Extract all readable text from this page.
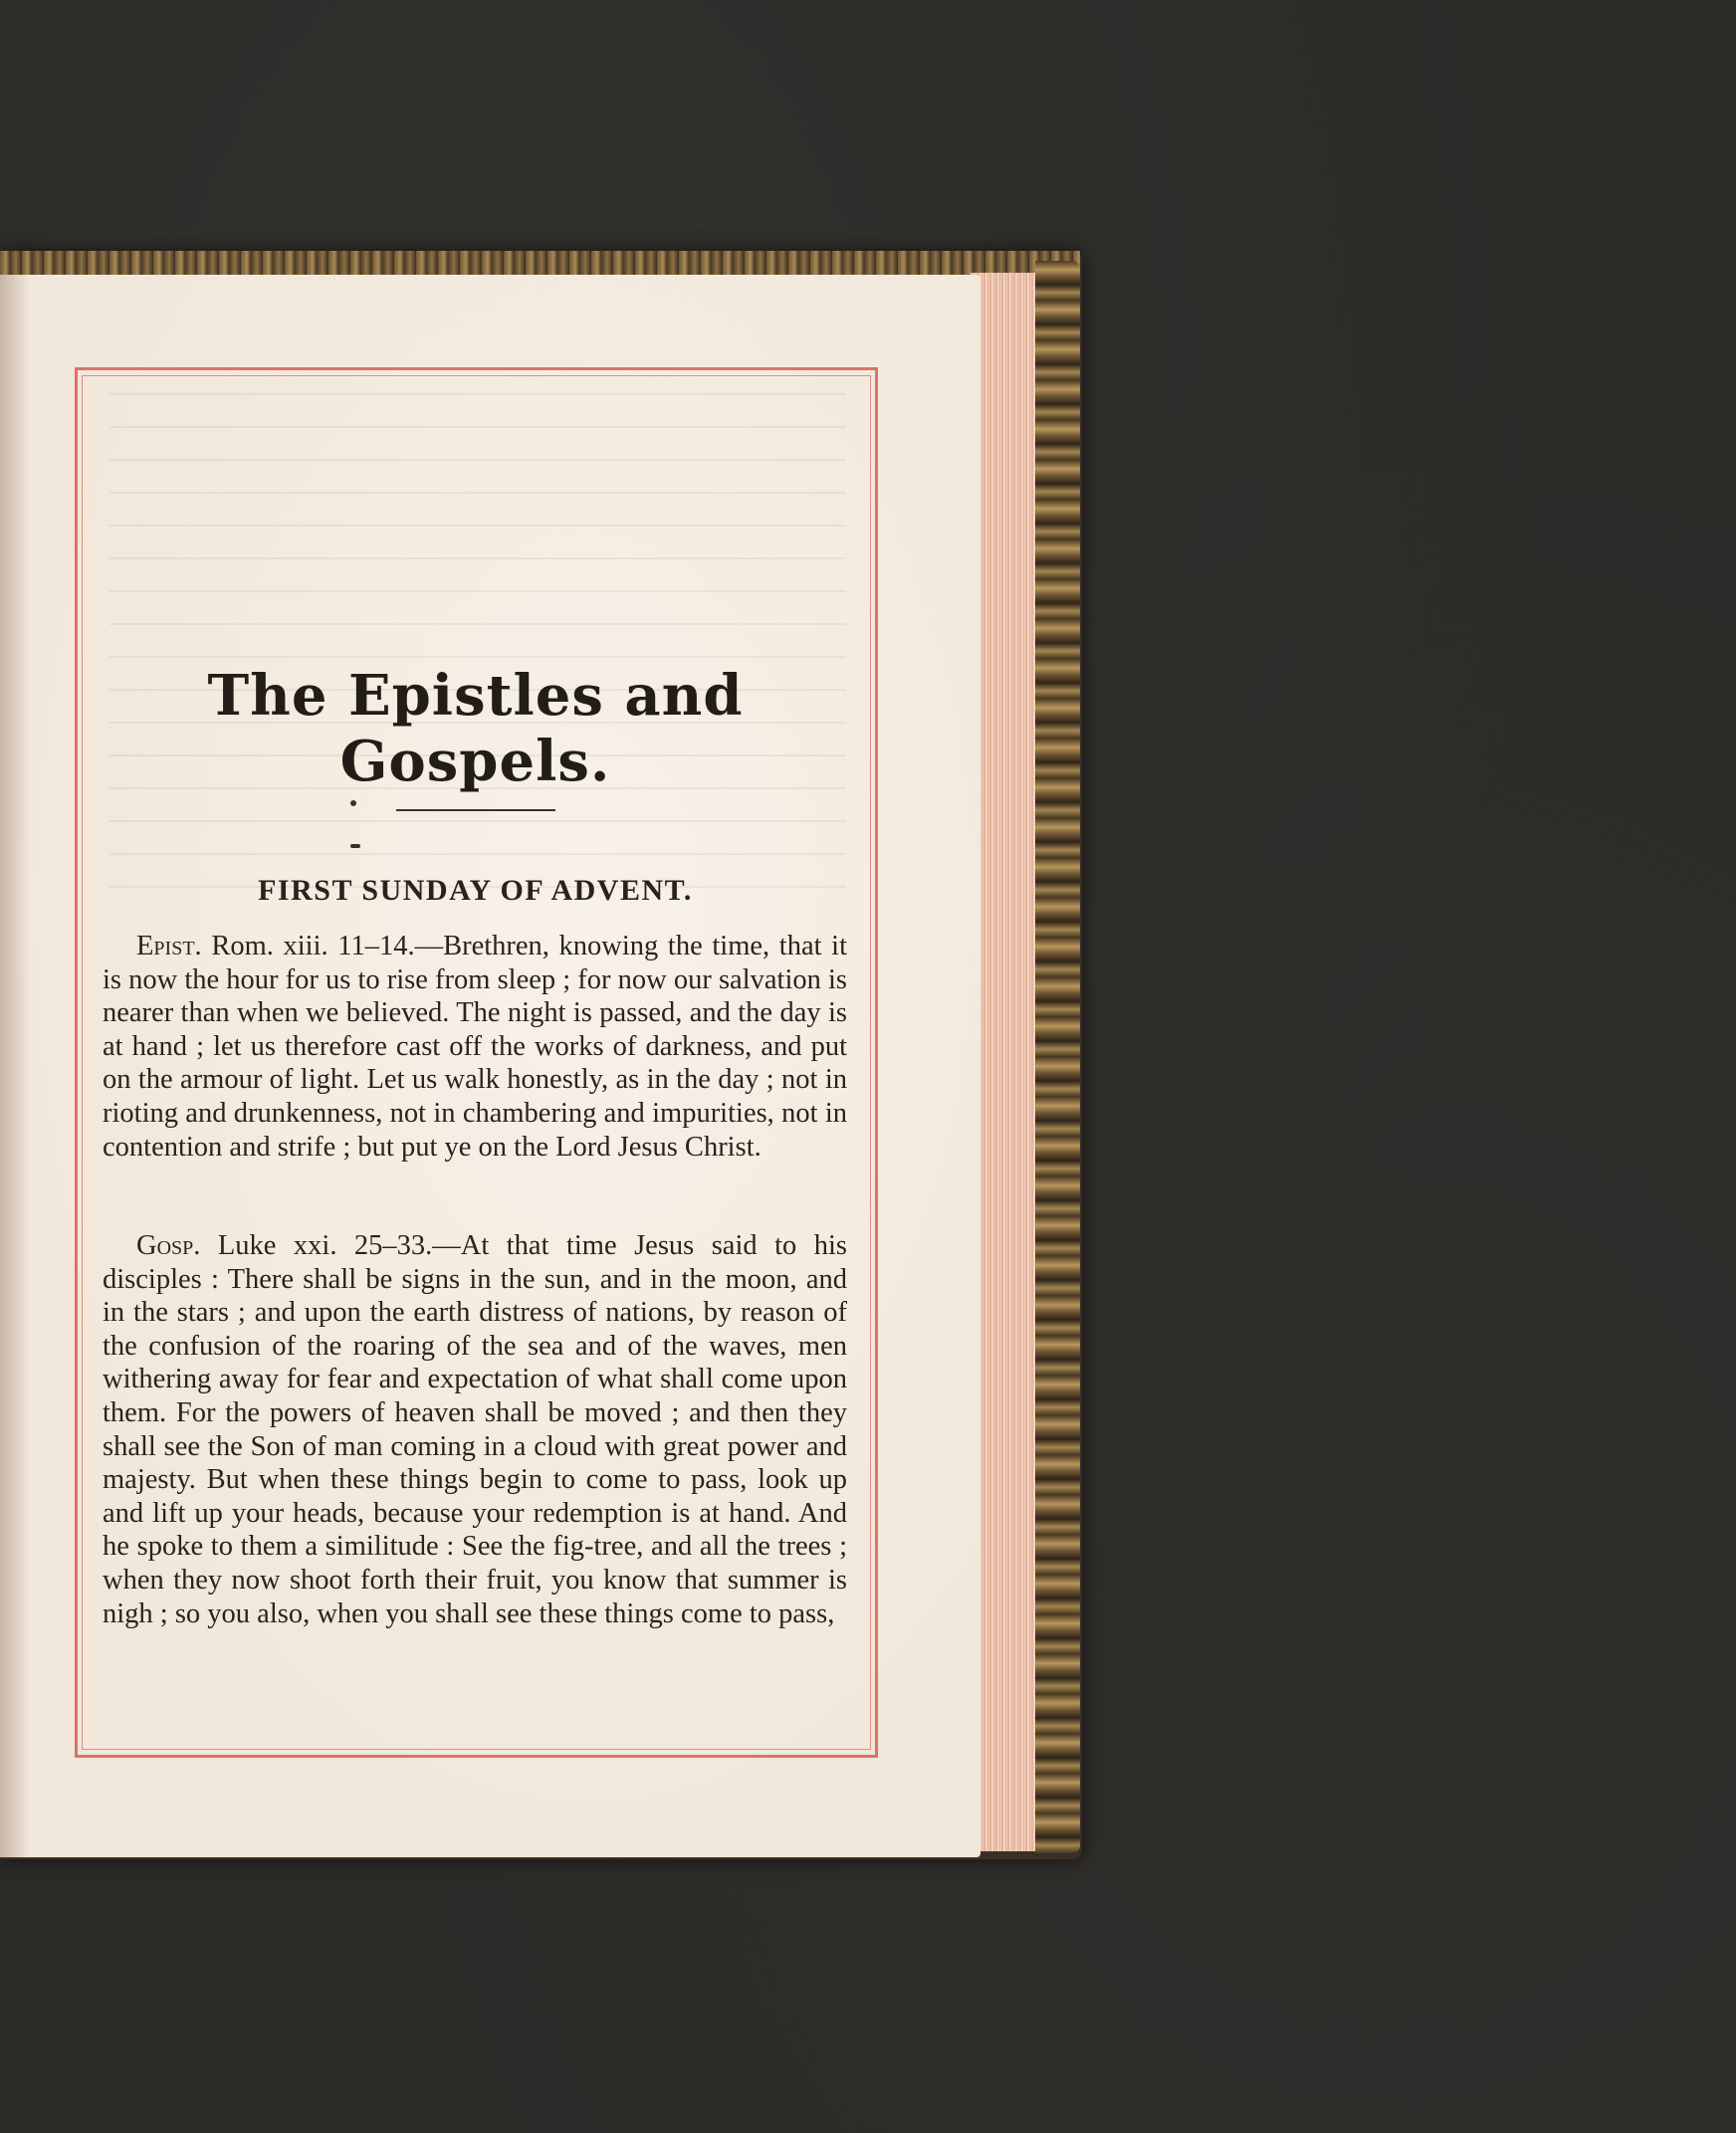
The Epistles and Gospels.
FIRST SUNDAY OF ADVENT.

Epist. Rom. xiii. 11–14.—Brethren, knowing the time, that it is now the hour for us to rise from sleep ; for now our salvation is nearer than when we believed. The night is passed, and the day is at hand ; let us therefore cast off the works of darkness, and put on the armour of light. Let us walk honestly, as in the day ; not in rioting and drunkenness, not in chambering and impurities, not in contention and strife ; but put ye on the Lord Jesus Christ.

Gosp. Luke xxi. 25–33.—At that time Jesus said to his disciples : There shall be signs in the sun, and in the moon, and in the stars ; and upon the earth distress of nations, by reason of the confusion of the roaring of the sea and of the waves, men withering away for fear and expectation of what shall come upon them. For the powers of heaven shall be moved ; and then they shall see the Son of man coming in a cloud with great power and majesty. But when these things begin to come to pass, look up and lift up your heads, because your redemption is at hand. And he spoke to them a similitude : See the fig-tree, and all the trees ; when they now shoot forth their fruit, you know that summer is nigh ; so you also, when you shall see these things come to pass,
